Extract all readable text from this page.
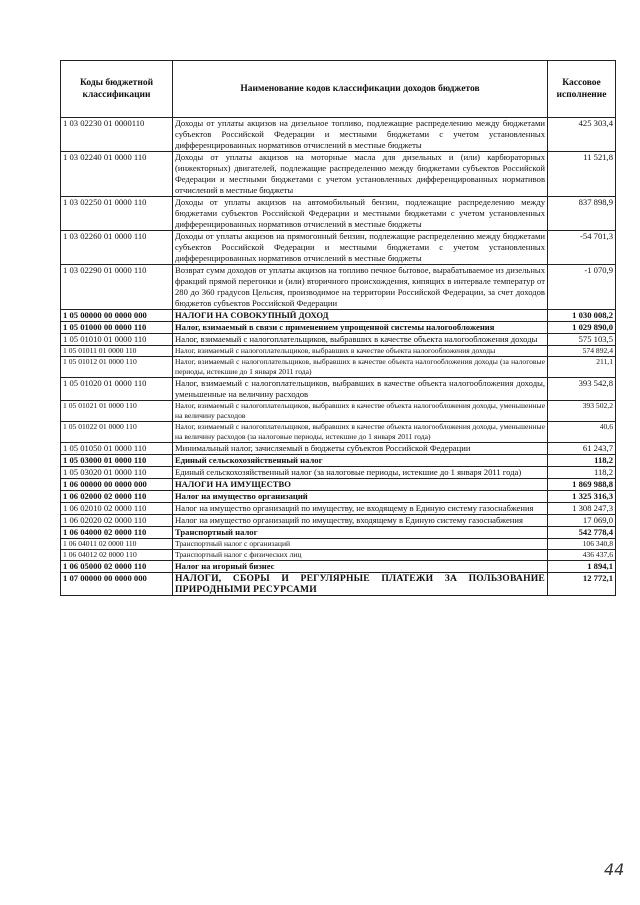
Коды бюджетной классификации	Наименование кодов классификации доходов бюджетов	Кассовое исполнение
1 03 02230 01 0000110	Доходы от уплаты акцизов на дизельное топливо, подлежащие распределению между бюджетами субъектов Российской Федерации и местными бюджетами с учетом установленных дифференцированных нормативов отчислений в местные бюджеты	425 303,4
1 03 02240 01 0000 110	Доходы от уплаты акцизов на моторные масла для дизельных и (или) карбюраторных (инжекторных) двигателей, подлежащие распределению между бюджетами субъектов Российской Федерации и местными бюджетами с учетом установленных дифференцированных нормативов отчислений в местные бюджеты	11 521,8
1 03 02250 01 0000 110	Доходы от уплаты акцизов на автомобильный бензин, подлежащие распределению между бюджетами субъектов Российской Федерации и местными бюджетами с учетом установленных дифференцированных нормативов отчислений в местные бюджеты	837 898,9
1 03 02260 01 0000 110	Доходы от уплаты акцизов на прямогонный бензин, подлежащие распределению между бюджетами субъектов Российской Федерации и местными бюджетами с учетом установленных дифференцированных нормативов отчислений в местные бюджеты	-54 701,3
1 03 02290 01 0000 110	Возврат сумм доходов от уплаты акцизов на топливо печное бытовое, вырабатываемое из дизельных фракций прямой перегонки и (или) вторичного происхождения, кипящих в интервале температур от 280 до 360 градусов Цельсия, производимое на территории Российской Федерации, за счет доходов бюджетов субъектов Российской Федерации	-1 070,9
1 05 00000 00 0000 000	НАЛОГИ НА СОВОКУПНЫЙ ДОХОД	1 030 008,2
1 05 01000 00 0000 110	Налог, взимаемый в связи с применением упрощенной системы налогообложения	1 029 890,0
1 05 01010 01 0000 110	Налог, взимаемый с налогоплательщиков, выбравших в качестве объекта налогообложения доходы	575 103,5
1 05 01011 01 0000 110	Налог, взимаемый с налогоплательщиков, выбравших в качестве объекта налогообложения доходы	574 892,4
1 05 01012 01 0000 110	Налог, взимаемый с налогоплательщиков, выбравших в качестве объекта налогообложения доходы (за налоговые периоды, истекшие до 1 января 2011 года)	211,1
1 05 01020 01 0000 110	Налог, взимаемый с налогоплательщиков, выбравших в качестве объекта налогообложения доходы, уменьшенные на величину расходов	393 542,8
1 05 01021 01 0000 110	Налог, взимаемый с налогоплательщиков, выбравших в качестве объекта налогообложения доходы, уменьшенные на величину расходов	393 502,2
1 05 01022 01 0000 110	Налог, взимаемый с налогоплательщиков, выбравших в качестве объекта налогообложения доходы, уменьшенные на величину расходов (за налоговые периоды, истекшие до 1 января 2011 года)	40,6
1 05 01050 01 0000 110	Минимальный налог, зачисляемый в бюджеты субъектов Российской Федерации	61 243,7
1 05 03000 01 0000 110	Единый сельскохозяйственный налог	118,2
1 05 03020 01 0000 110	Единый сельскохозяйственный налог (за налоговые периоды, истекшие до 1 января 2011 года)	118,2
1 06 00000 00 0000 000	НАЛОГИ НА ИМУЩЕСТВО	1 869 988,8
1 06 02000 02 0000 110	Налог на имущество организаций	1 325 316,3
1 06 02010 02 0000 110	Налог на имущество организаций по имуществу, не входящему в Единую систему газоснабжения	1 308 247,3
1 06 02020 02 0000 110	Налог на имущество организаций по имуществу, входящему в Единую систему газоснабжения	17 069,0
1 06 04000 02 0000 110	Транспортный налог	542 778,4
1 06 04011 02 0000 110	Транспортный налог с организаций	106 340,8
1 06 04012 02 0000 110	Транспортный налог с физических лиц	436 437,6
1 06 05000 02 0000 110	Налог на игорный бизнес	1 894,1
1 07 00000 00 0000 000	НАЛОГИ, СБОРЫ И РЕГУЛЯРНЫЕ ПЛАТЕЖИ ЗА ПОЛЬЗОВАНИЕ ПРИРОДНЫМИ РЕСУРСАМИ	12 772,1
44
